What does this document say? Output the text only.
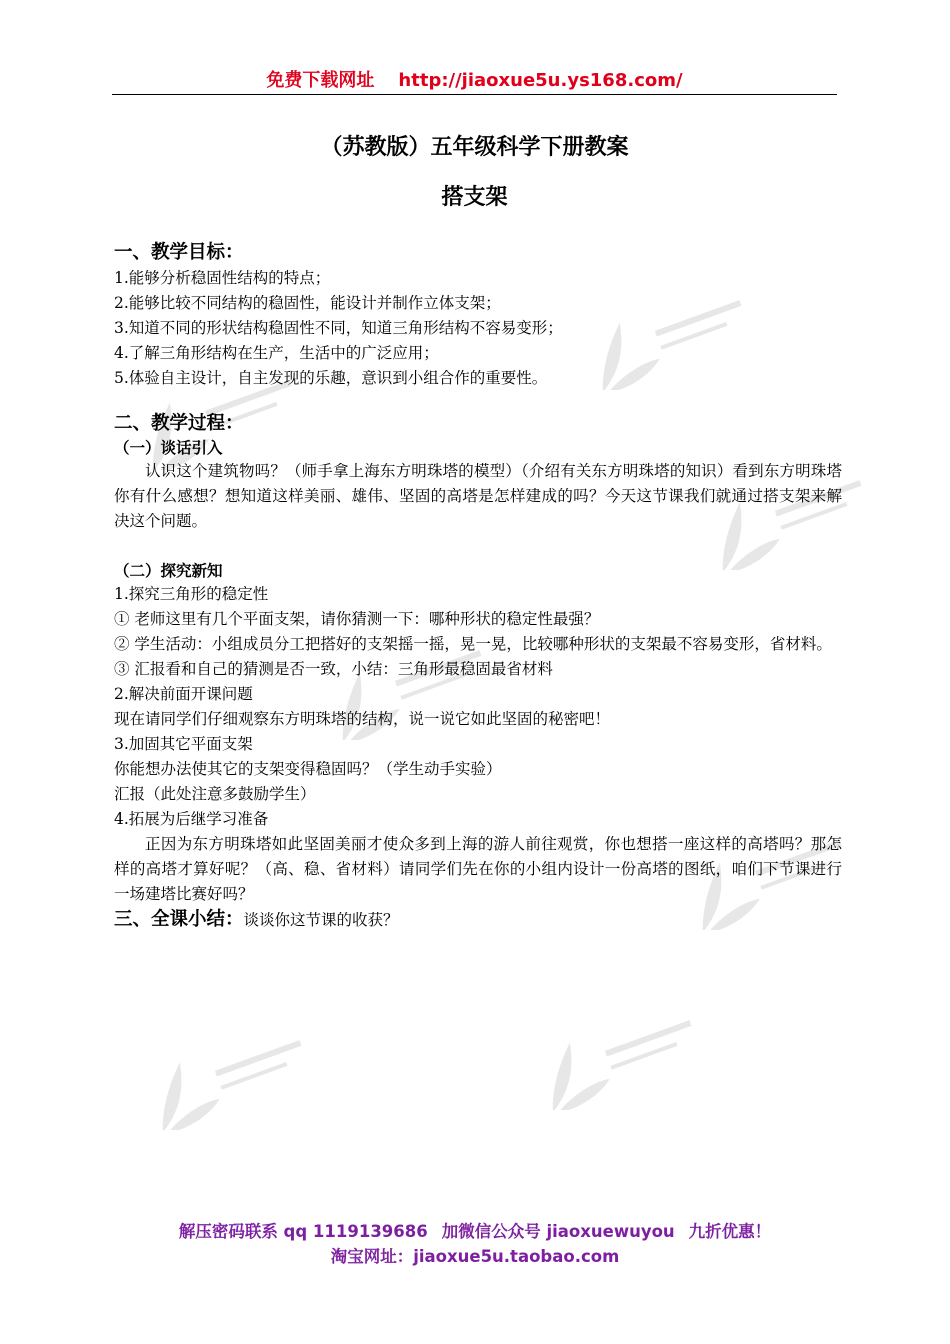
免费下载网址 http://jiaoxue5u.ys168.com/
（苏教版）五年级科学下册教案
搭支架
一、教学目标：
1.能够分析稳固性结构的特点；
2.能够比较不同结构的稳固性，能设计并制作立体支架；
3.知道不同的形状结构稳固性不同，知道三角形结构不容易变形；
4.了解三角形结构在生产，生活中的广泛应用；
5.体验自主设计，自主发现的乐趣，意识到小组合作的重要性。
二、教学过程：
（一）谈话引入
认识这个建筑物吗？（师手拿上海东方明珠塔的模型）（介绍有关东方明珠塔的知识）看到东方明珠塔你有什么感想？想知道这样美丽、雄伟、坚固的高塔是怎样建成的吗？今天这节课我们就通过搭支架来解决这个问题。
（二）探究新知
1.探究三角形的稳定性
① 老师这里有几个平面支架，请你猜测一下：哪种形状的稳定性最强？
② 学生活动：小组成员分工把搭好的支架摇一摇，晃一晃，比较哪种形状的支架最不容易变形，省材料。
③ 汇报看和自己的猜测是否一致，小结：三角形最稳固最省材料
2.解决前面开课问题
现在请同学们仔细观察东方明珠塔的结构，说一说它如此坚固的秘密吧！
3.加固其它平面支架
你能想办法使其它的支架变得稳固吗？（学生动手实验）
汇报（此处注意多鼓励学生）
4.拓展为后继学习准备
正因为东方明珠塔如此坚固美丽才使众多到上海的游人前往观赏，你也想搭一座这样的高塔吗？那怎样的高塔才算好呢？（高、稳、省材料）请同学们先在你的小组内设计一份高塔的图纸，咱们下节课进行一场建塔比赛好吗？
三、全课小结：谈谈你这节课的收获？
解压密码联系 qq 1119139686 加微信公众号 jiaoxuewuyou 九折优惠！
淘宝网址：jiaoxue5u.taobao.com
